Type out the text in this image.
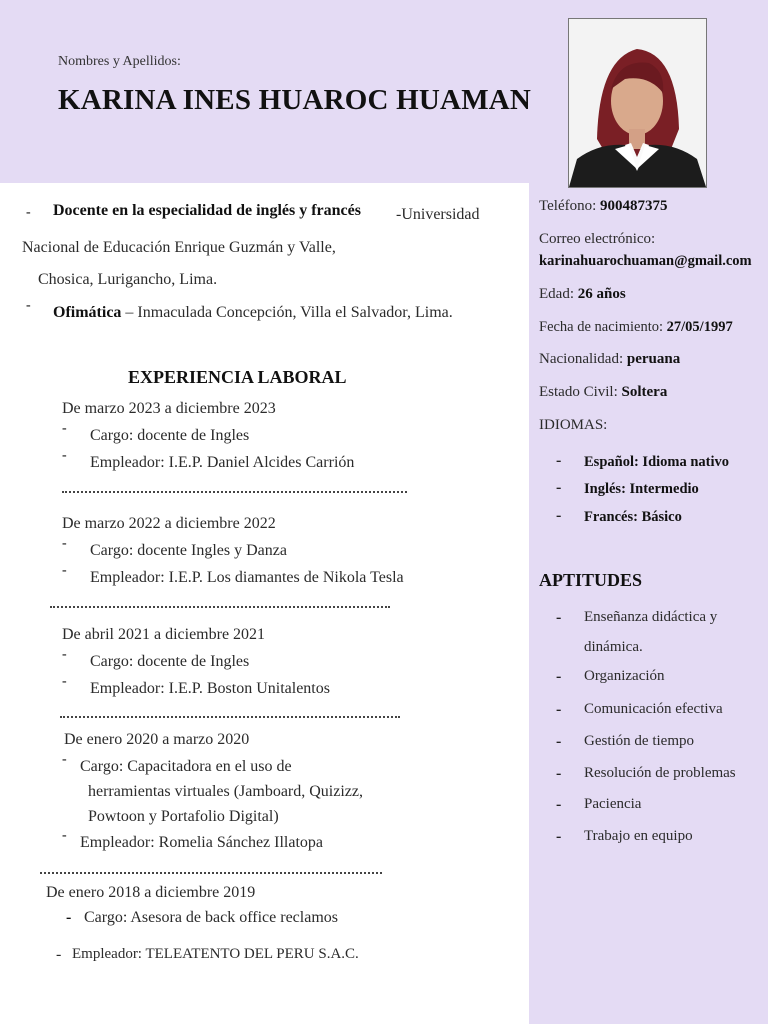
Nombres y Apellidos:
KARINA INES HUAROC HUAMAN
- Docente en la especialidad de inglés y francés -Universidad
Nacional de Educación Enrique Guzmán y Valle,
Chosica, Lurigancho, Lima.
- Ofimática – Inmaculada Concepción, Villa el Salvador, Lima.
EXPERIENCIA LABORAL
De marzo 2023 a diciembre 2023
- Cargo: docente de Ingles
- Empleador: I.E.P. Daniel Alcides Carrión
De marzo 2022 a diciembre 2022
- Cargo: docente Ingles y Danza
- Empleador: I.E.P. Los diamantes de Nikola Tesla
De abril 2021 a diciembre 2021
- Cargo: docente de Ingles
- Empleador: I.E.P. Boston Unitalentos
De enero 2020 a marzo 2020
- Cargo: Capacitadora en el uso de
herramientas virtuales (Jamboard, Quizizz,
Powtoon y Portafolio Digital)
- Empleador: Romelia Sánchez Illatopa
De enero 2018 a diciembre 2019
- Cargo: Asesora de back office reclamos
- Empleador: TELEATENTO DEL PERU S.A.C.
Teléfono: 900487375
Correo electrónico:
karinahuarochuaman@gmail.com
Edad: 26 años
Fecha de nacimiento: 27/05/1997
Nacionalidad: peruana
Estado Civil: Soltera
IDIOMAS:
- Español: Idioma nativo
- Inglés: Intermedio
- Francés: Básico
APTITUDES
- Enseñanza didáctica y
dinámica.
- Organización
- Comunicación efectiva
- Gestión de tiempo
- Resolución de problemas
- Paciencia
- Trabajo en equipo
